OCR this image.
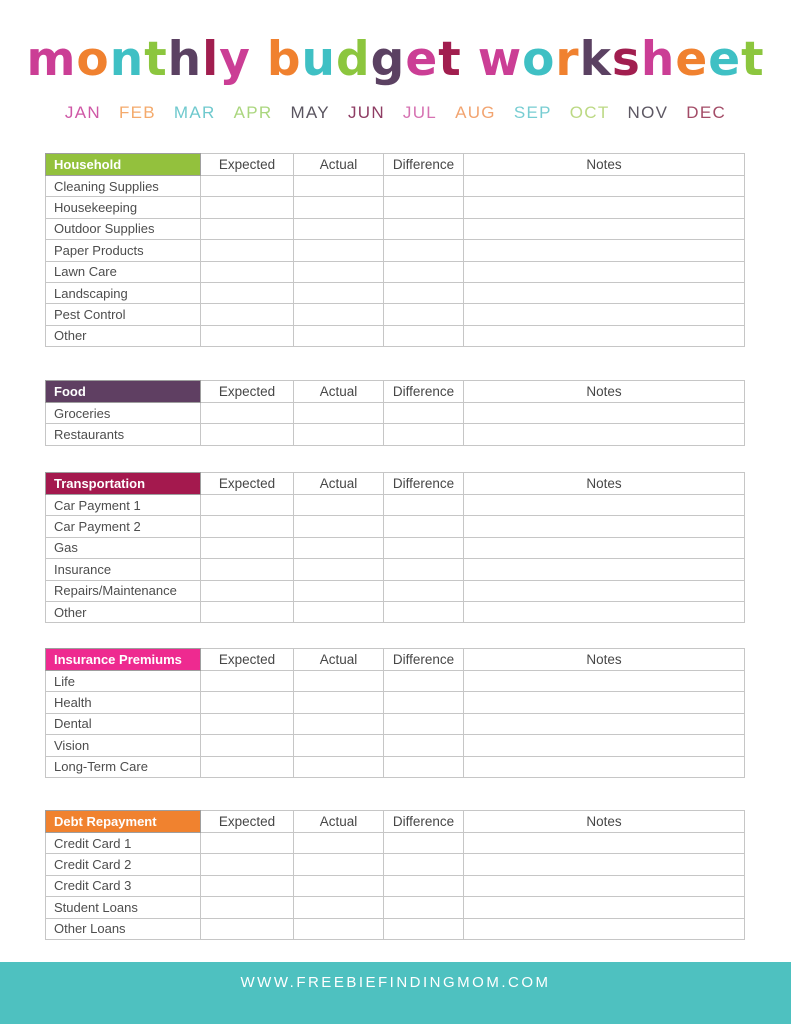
monthly budget worksheet
JAN FEB MAR APR MAY JUN JUL AUG SEP OCT NOV DEC
Household	Expected	Actual	Difference	Notes
Cleaning Supplies				
Housekeeping				
Outdoor Supplies				
Paper Products				
Lawn Care				
Landscaping				
Pest Control				
Other				
Food	Expected	Actual	Difference	Notes
Groceries				
Restaurants				
Transportation	Expected	Actual	Difference	Notes
Car Payment 1				
Car Payment 2				
Gas				
Insurance				
Repairs/Maintenance				
Other				
Insurance Premiums	Expected	Actual	Difference	Notes
Life				
Health				
Dental				
Vision				
Long-Term Care				
Debt Repayment	Expected	Actual	Difference	Notes
Credit Card 1				
Credit Card 2				
Credit Card 3				
Student Loans				
Other Loans				
WWW.FREEBIEFINDINGMOM.COM
